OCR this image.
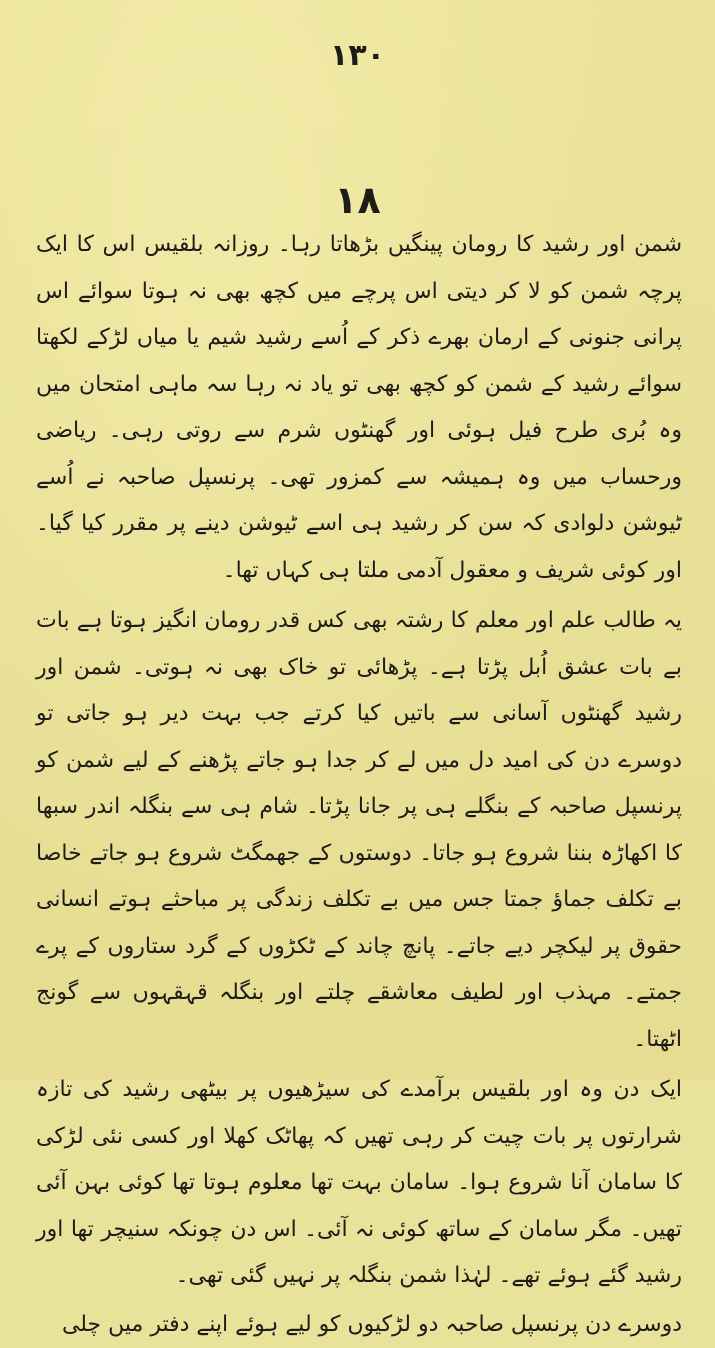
۱۳۰
۱۸

شمن اور رشید کا رومان پینگیں بڑھاتا رہا۔ روزانہ بلقیس اس کا ایک پرچہ شمن کو لا کر دیتی اس پرچے میں کچھ بھی نہ ہوتا سوائے اس پرانی جنونی کے ارمان بھرے ذکر کے اُسے رشید شیم یا میاں لڑکے لکھتا سوائے رشید کے شمن کو کچھ بھی تو یاد نہ رہا سہ ماہی امتحان میں وہ بُری طرح فیل ہوئی اور گھنٹوں شرم سے روتی رہی۔ ریاضی ورحساب میں وہ ہمیشہ سے کمزور تھی۔ پرنسپل صاحبہ نے اُسے ٹیوشن دلوادی کہ سن کر رشید ہی اسے ٹیوشن دینے پر مقرر کیا گیا۔ اور کوئی شریف و معقول آدمی ملتا ہی کہاں تھا۔

یہ طالب علم اور معلم کا رشتہ بھی کس قدر رومان انگیز ہوتا ہے بات بے بات عشق اُبل پڑتا ہے۔ پڑھائی تو خاک بھی نہ ہوتی۔ شمن اور رشید گھنٹوں آسانی سے باتیں کیا کرتے جب بہت دیر ہو جاتی تو دوسرے دن کی امید دل میں لے کر جدا ہو جاتے پڑھنے کے لیے شمن کو پرنسپل صاحبہ کے بنگلے ہی پر جانا پڑتا۔ شام ہی سے بنگلہ اندر سبھا کا اکھاڑہ بننا شروع ہو جاتا۔ دوستوں کے جھمگٹ شروع ہو جاتے خاصا بے تکلف جماؤ جمتا جس میں بے تکلف زندگی پر مباحثے ہوتے انسانی حقوق پر لیکچر دیے جاتے۔ پانچ چاند کے ٹکڑوں کے گرد ستاروں کے پرے جمتے۔ مہذب اور لطیف معاشقے چلتے اور بنگلہ قہقہوں سے گونج اٹھتا۔

ایک دن وہ اور بلقیس برآمدے کی سیڑھیوں پر بیٹھی رشید کی تازہ شرارتوں پر بات چیت کر رہی تھیں کہ پھاٹک کھلا اور کسی نئی لڑکی کا سامان آنا شروع ہوا۔ سامان بہت تھا معلوم ہوتا تھا کوئی بہن آئی تھیں۔ مگر سامان کے ساتھ کوئی نہ آئی۔ اس دن چونکہ سنیچر تھا اور رشید گئے ہوئے تھے۔ لہٰذا شمن بنگلہ پر نہیں گئی تھی۔

دوسرے دن پرنسپل صاحبہ دو لڑکیوں کو لیے ہوئے اپنے دفتر میں چلی
